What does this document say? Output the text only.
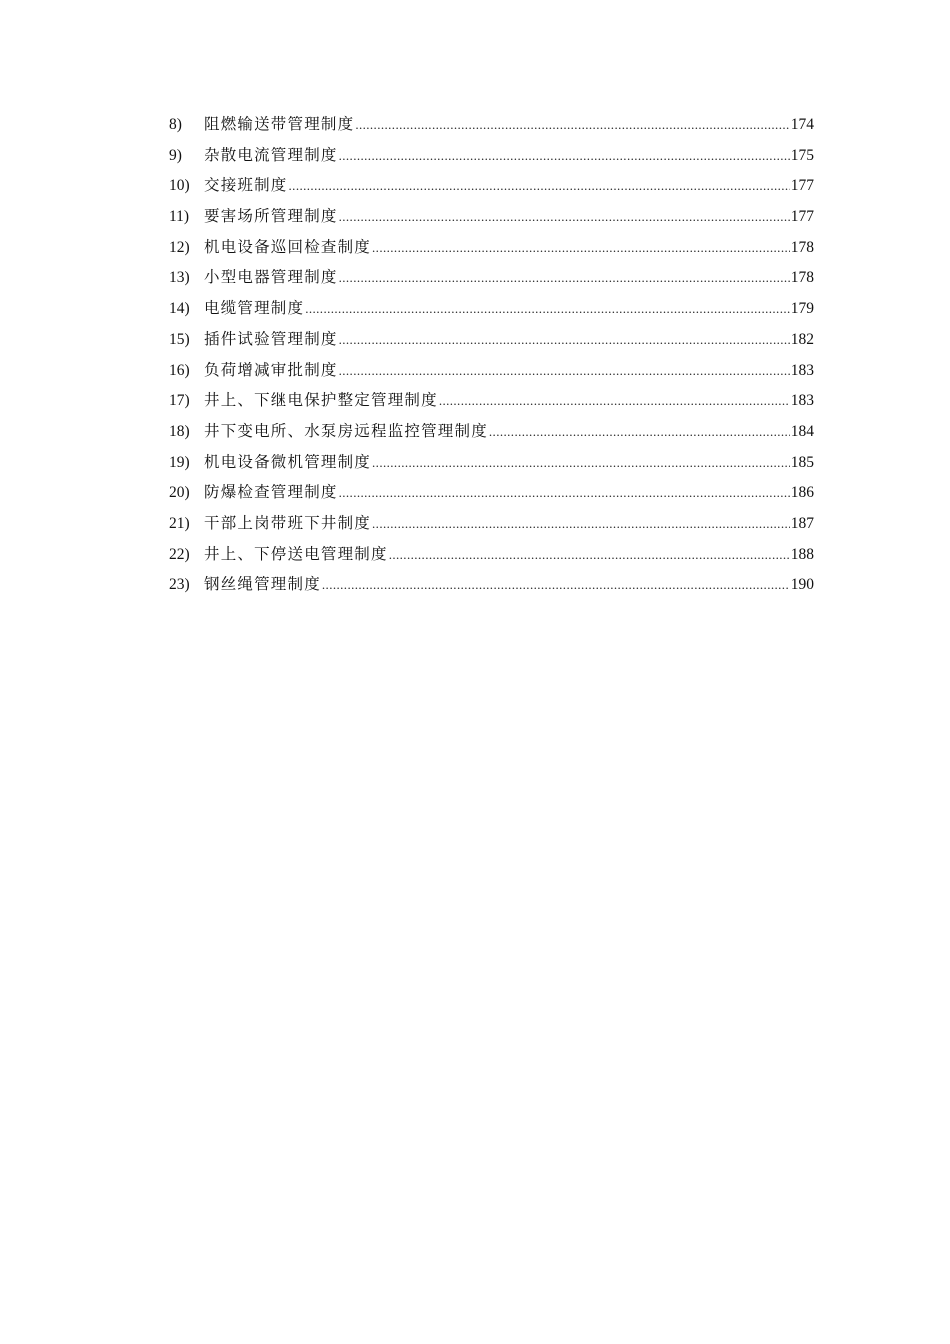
8)	阻燃输送带管理制度 .....	174
9)	杂散电流管理制度 .....	175
10) 交接班制度 .....	177
11) 要害场所管理制度 .....	177
12) 机电设备巡回检查制度 .....	178
13) 小型电器管理制度 .....	178
14) 电缆管理制度 .....	179
15) 插件试验管理制度 .....	182
16) 负荷增减审批制度 .....	183
17) 井上、下继电保护整定管理制度 .....	183
18) 井下变电所、水泵房远程监控管理制度 .....	184
19) 机电设备微机管理制度 .....	185
20) 防爆检查管理制度 .....	186
21) 干部上岗带班下井制度 .....	187
22) 井上、下停送电管理制度 .....	188
23) 钢丝绳管理制度 .....	190
